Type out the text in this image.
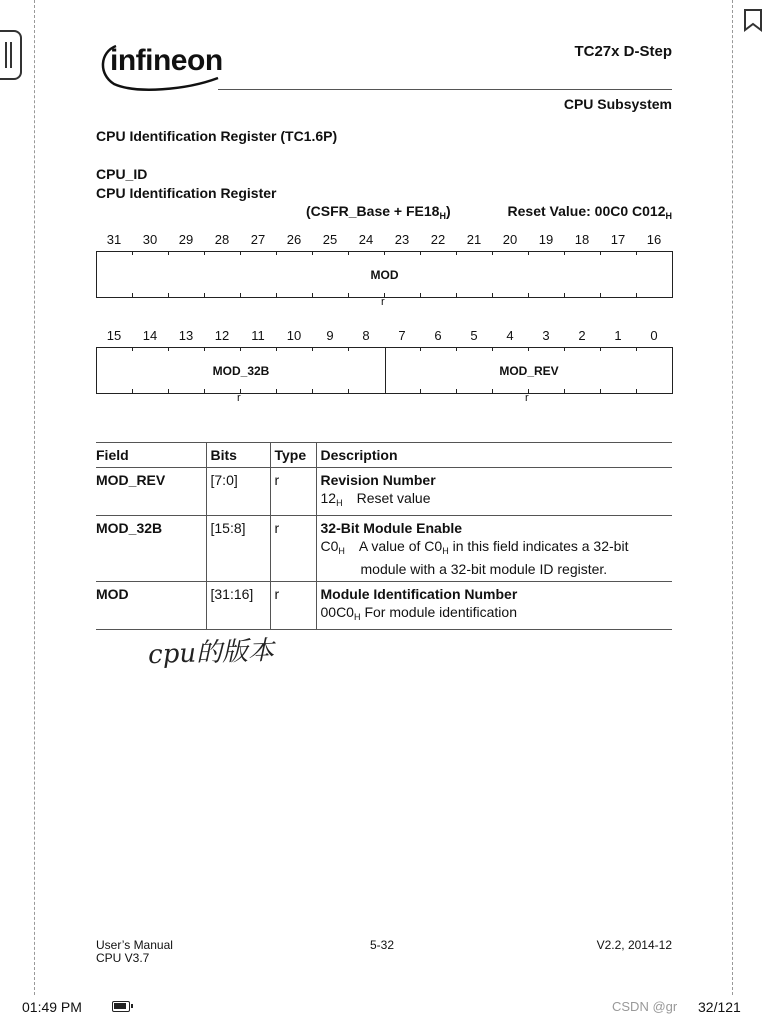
infineon	TC27x D-Step
CPU Subsystem
CPU Identification Register (TC1.6P)
CPU_ID
CPU Identification Register
(CSFR_Base + $FE18_H$)	Reset Value: 00C0 $C012_H$
31	30	29	28	27	26	25	24	23	22	21	20	19	18	17	16
MOD
r
15	14	13	12	11	10	9	8	7	6	5	4	3	2	1	0
MOD_32B	MOD_REV
r	r
Field	Bits	Type	Description
MOD_REV	[7:0]	r	Revision Number
$12_H$ Reset value

MOD_32B	[15:8]	r	32-Bit Module Enable
$C0_H$ A value of $C0_H$ in this field indicates a 32-bit
module with a 32-bit module ID register.

MOD	[31:16]	r	Module Identification Number
$00C0_H$ For module identification
cpu的版本
User’s Manual
CPU V3.7
5-32	V2.2, 2014-12
01:49 PM	CSDN @gr 32/121
